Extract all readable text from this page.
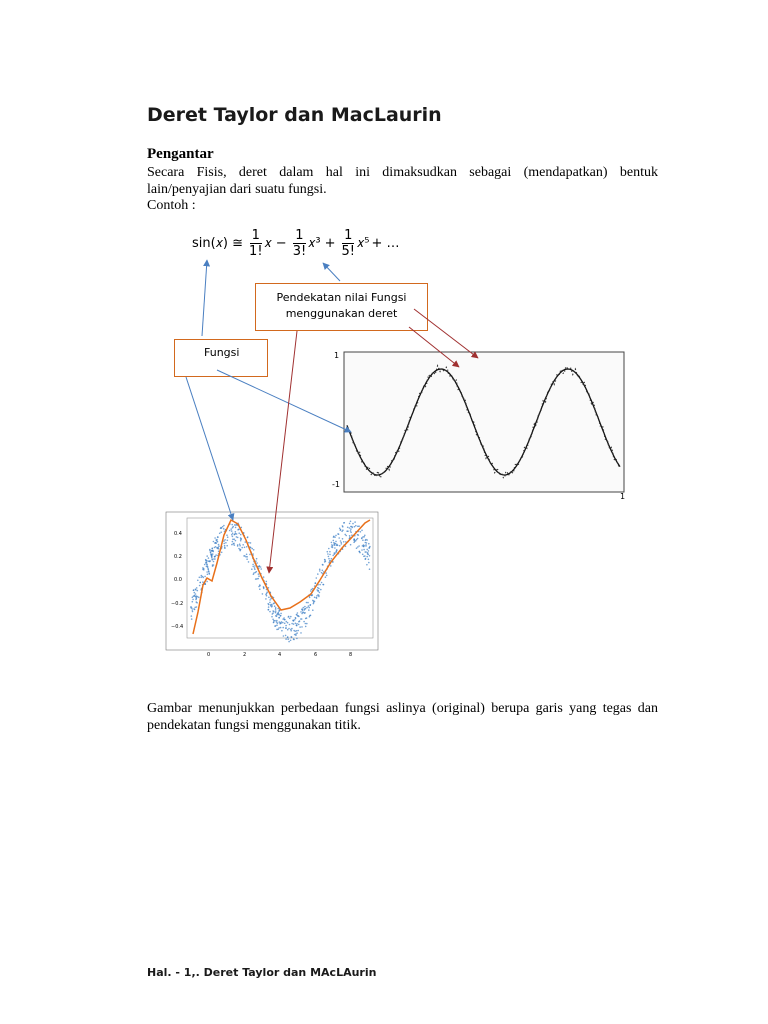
Deret Taylor dan MacLaurin
Pengantar
Secara Fisis, deret dalam hal ini dimaksudkan sebagai (mendapatkan) bentuk lain/penyajian dari suatu fungsi.
Contoh :
sin(𝑥) ≅ $\frac{1}{1!}$ 𝑥 − $\frac{1}{3!}$ 𝑥³ + $\frac{1}{5!}$ 𝑥⁵ + …
Pendekatan nilai Fungsi
menggunakan deret
Fungsi	1
-1
1
0.4
0.2
0.0
−0.2
−0.4
0	2	4	6	8
Gambar menunjukkan perbedaan fungsi aslinya (original) berupa garis yang tegas dan pendekatan fungsi menggunakan titik.
Hal. - 1,. Deret Taylor dan MAcLAurin
